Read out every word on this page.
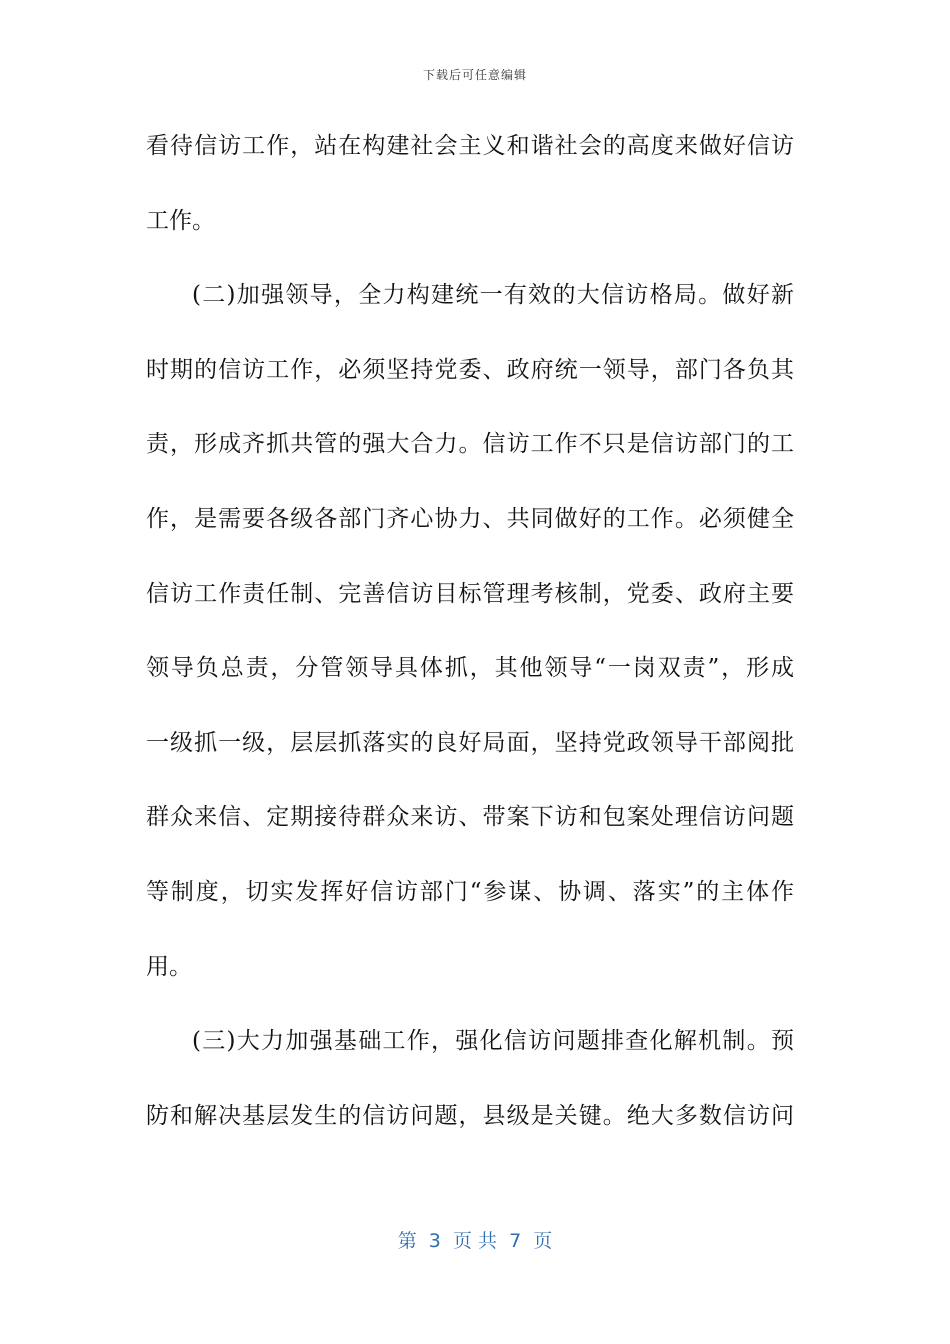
下载后可任意编辑
看待信访工作，站在构建社会主义和谐社会的高度来做好信访
工作。
(二)加强领导，全力构建统一有效的大信访格局。做好新
时期的信访工作，必须坚持党委、政府统一领导，部门各负其
责，形成齐抓共管的强大合力。信访工作不只是信访部门的工
作，是需要各级各部门齐心协力、共同做好的工作。必须健全
信访工作责任制、完善信访目标管理考核制，党委、政府主要
领导负总责，分管领导具体抓，其他领导“一岗双责”，形成
一级抓一级，层层抓落实的良好局面，坚持党政领导干部阅批
群众来信、定期接待群众来访、带案下访和包案处理信访问题
等制度，切实发挥好信访部门“参谋、协调、落实”的主体作
用。
(三)大力加强基础工作，强化信访问题排查化解机制。预
防和解决基层发生的信访问题，县级是关键。绝大多数信访问
第  3  页 共  7  页
